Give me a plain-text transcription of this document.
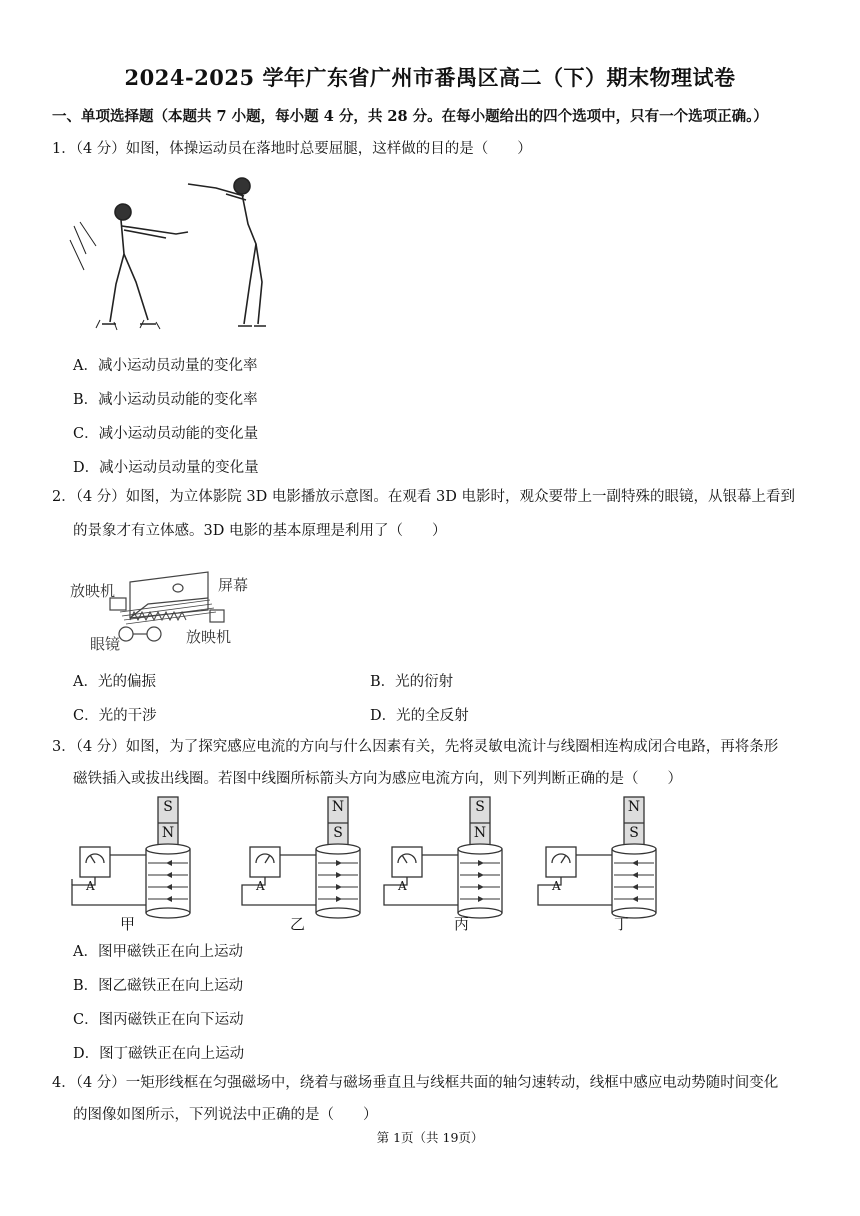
2024-2025 学年广东省广州市番禺区高二（下）期末物理试卷
一、单项选择题（本题共 7 小题，每小题 4 分，共 28 分。在每小题给出的四个选项中，只有一个选项正确。）
1．（4 分）如图，体操运动员在落地时总要屈腿，这样做的目的是（　　）
A．减小运动员动量的变化率
B．减小运动员动能的变化率
C．减小运动员动能的变化量
D．减小运动员动量的变化量
2．（4 分）如图，为立体影院 3D 电影播放示意图。在观看 3D 电影时，观众要带上一副特殊的眼镜，从银幕上看到
的景象才有立体感。3D 电影的基本原理是利用了（　　）
放映机	屏幕
眼镜	放映机
A．光的偏振	B．光的衍射
C．光的干涉	D．光的全反射
3．（4 分）如图，为了探究感应电流的方向与什么因素有关，先将灵敏电流计与线圈相连构成闭合电路，再将条形
磁铁插入或拔出线圈。若图中线圈所标箭头方向为感应电流方向，则下列判断正确的是（　　）
S
N
A
甲
N
S
A
乙
S
N
A
丙
N
S
A
丁
A．图甲磁铁正在向上运动
B．图乙磁铁正在向上运动
C．图丙磁铁正在向下运动
D．图丁磁铁正在向上运动
4．（4 分）一矩形线框在匀强磁场中，绕着与磁场垂直且与线框共面的轴匀速转动，线框中感应电动势随时间变化
的图像如图所示，下列说法中正确的是（　　）
第 1页（共 19页）
